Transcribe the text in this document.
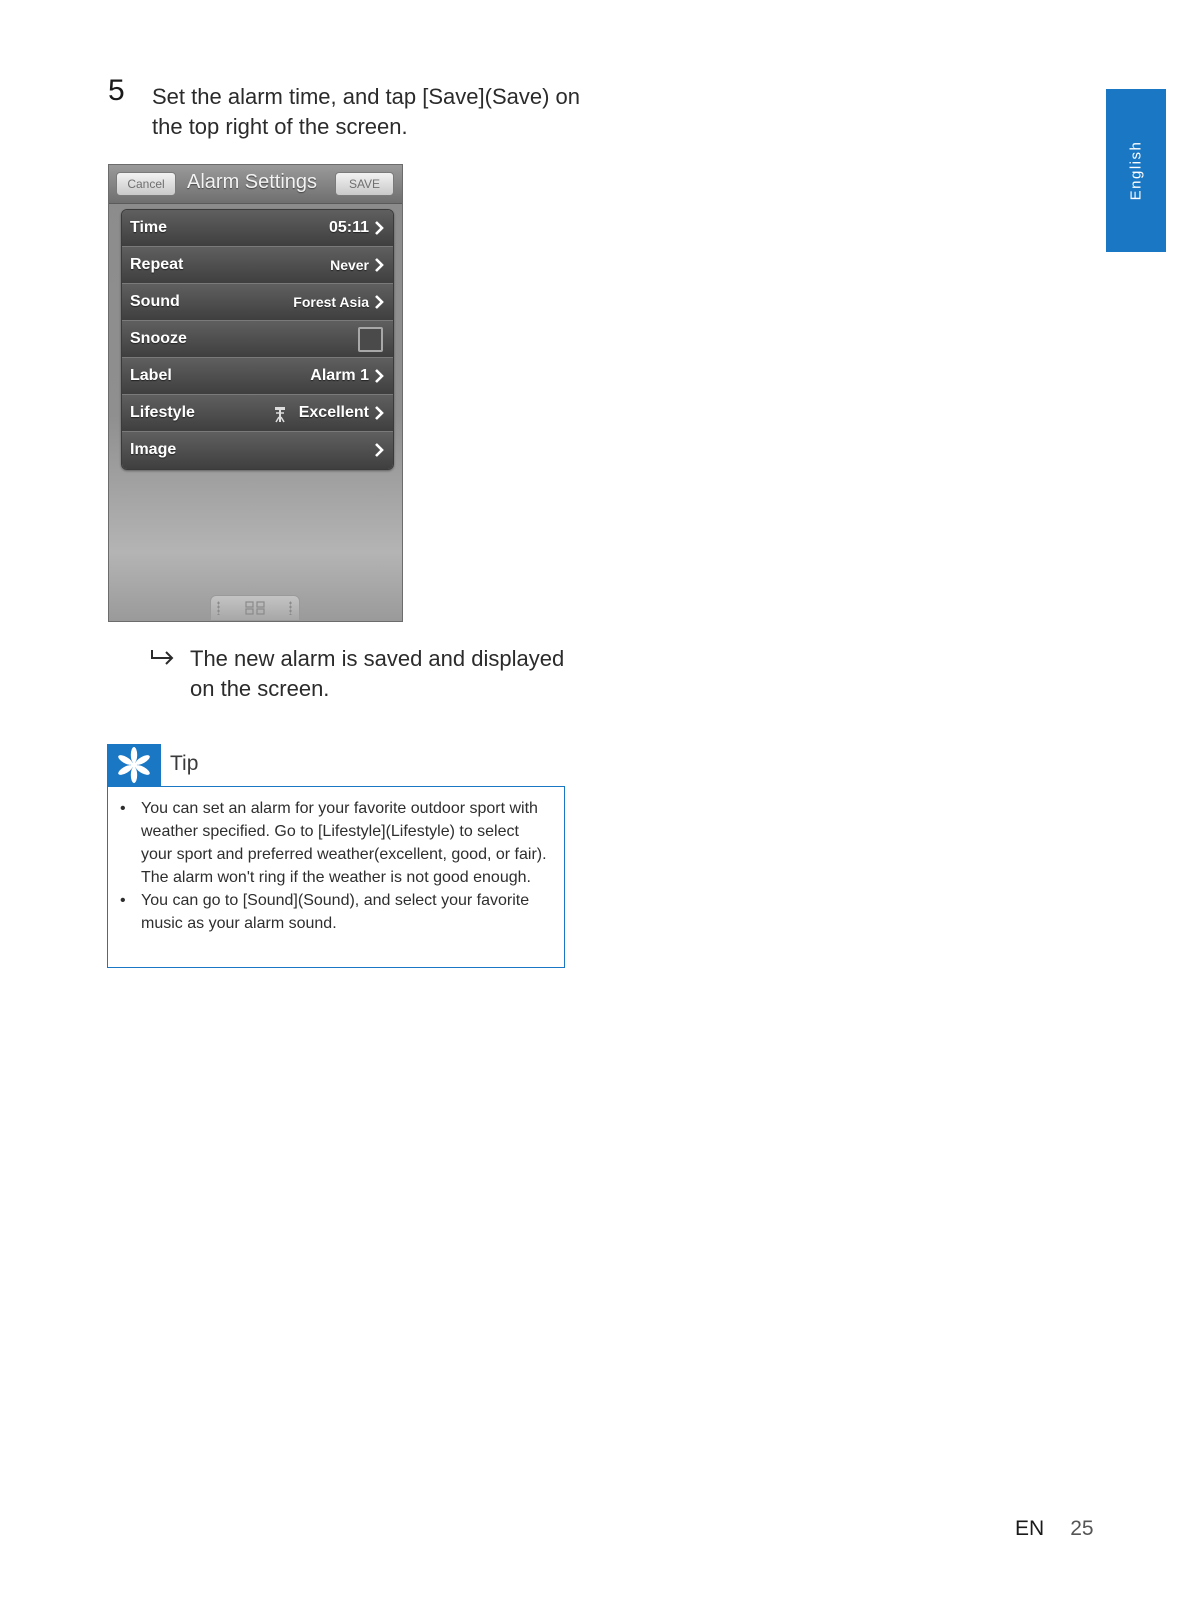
5 Set the alarm time, and tap [Save](Save) on the top right of the screen.
English
Cancel	Alarm Settings	SAVE
Time	05:11
Repeat	Never
Sound	Forest Asia
Snooze
Label	Alarm 1
Lifestyle	Excellent
Image
The new alarm is saved and displayed on the screen.
Tip
• You can set an alarm for your favorite outdoor sport with weather specified. Go to [Lifestyle](Lifestyle) to select your sport and preferred weather(excellent, good, or fair). The alarm won't ring if the weather is not good enough.
• You can go to [Sound](Sound), and select your favorite music as your alarm sound.
EN 25
